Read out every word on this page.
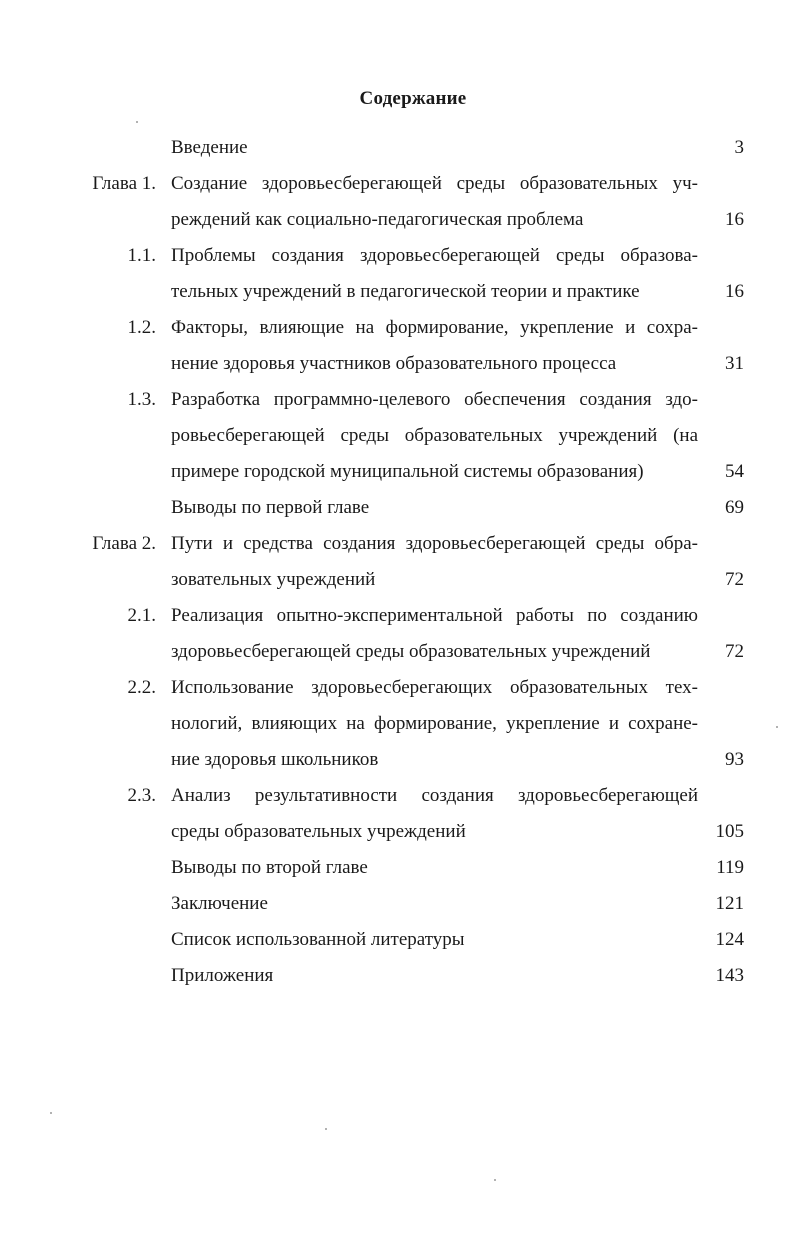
Содержание
Введение	3
Глава 1. Создание здоровьесберегающей среды образовательных уч-
реждений как социально-педагогическая проблема	16
1.1. Проблемы создания здоровьесберегающей среды образова-
тельных учреждений в педагогической теории и практике	16
1.2. Факторы, влияющие на формирование, укрепление и сохра-
нение здоровья участников образовательного процесса	31
1.3. Разработка программно-целевого обеспечения создания здо-
ровьесберегающей среды образовательных учреждений (на
примере городской муниципальной системы образования)	54
Выводы по первой главе	69
Глава 2. Пути и средства создания здоровьесберегающей среды обра-
зовательных учреждений	72
2.1. Реализация опытно-экспериментальной работы по созданию
здоровьесберегающей среды образовательных учреждений	72
2.2. Использование здоровьесберегающих образовательных тех-
нологий, влияющих на формирование, укрепление и сохране-
ние здоровья школьников	93
2.3. Анализ результативности создания здоровьесберегающей
среды образовательных учреждений	105
Выводы по второй главе	119
Заключение	121
Список использованной литературы	124
Приложения	143
